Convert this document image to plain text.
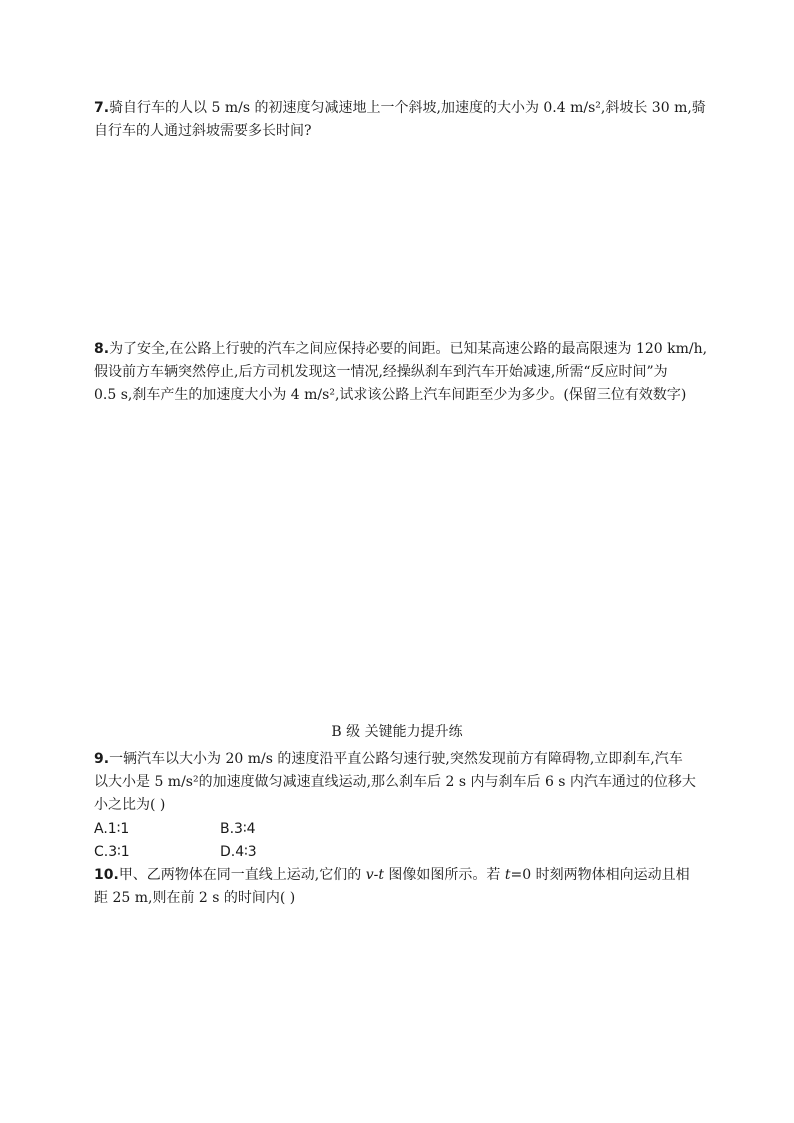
7.骑自行车的人以 5 m/s 的初速度匀减速地上一个斜坡,加速度的大小为 0.4 m/s²,斜坡长 30 m,骑
自行车的人通过斜坡需要多长时间?
8.为了安全,在公路上行驶的汽车之间应保持必要的间距。已知某高速公路的最高限速为 120 km/h,
假设前方车辆突然停止,后方司机发现这一情况,经操纵刹车到汽车开始减速,所需“反应时间”为
0.5 s,刹车产生的加速度大小为 4 m/s²,试求该公路上汽车间距至少为多少。(保留三位有效数字)
B 级 关键能力提升练
9.一辆汽车以大小为 20 m/s 的速度沿平直公路匀速行驶,突然发现前方有障碍物,立即刹车,汽车
以大小是 5 m/s²的加速度做匀减速直线运动,那么刹车后 2 s 内与刹车后 6 s 内汽车通过的位移大
小之比为( )
A.1∶1	B.3∶4
C.3∶1	D.4∶3
10.甲、乙两物体在同一直线上运动,它们的 v-t 图像如图所示。若 t=0 时刻两物体相向运动且相
距 25 m,则在前 2 s 的时间内( )
